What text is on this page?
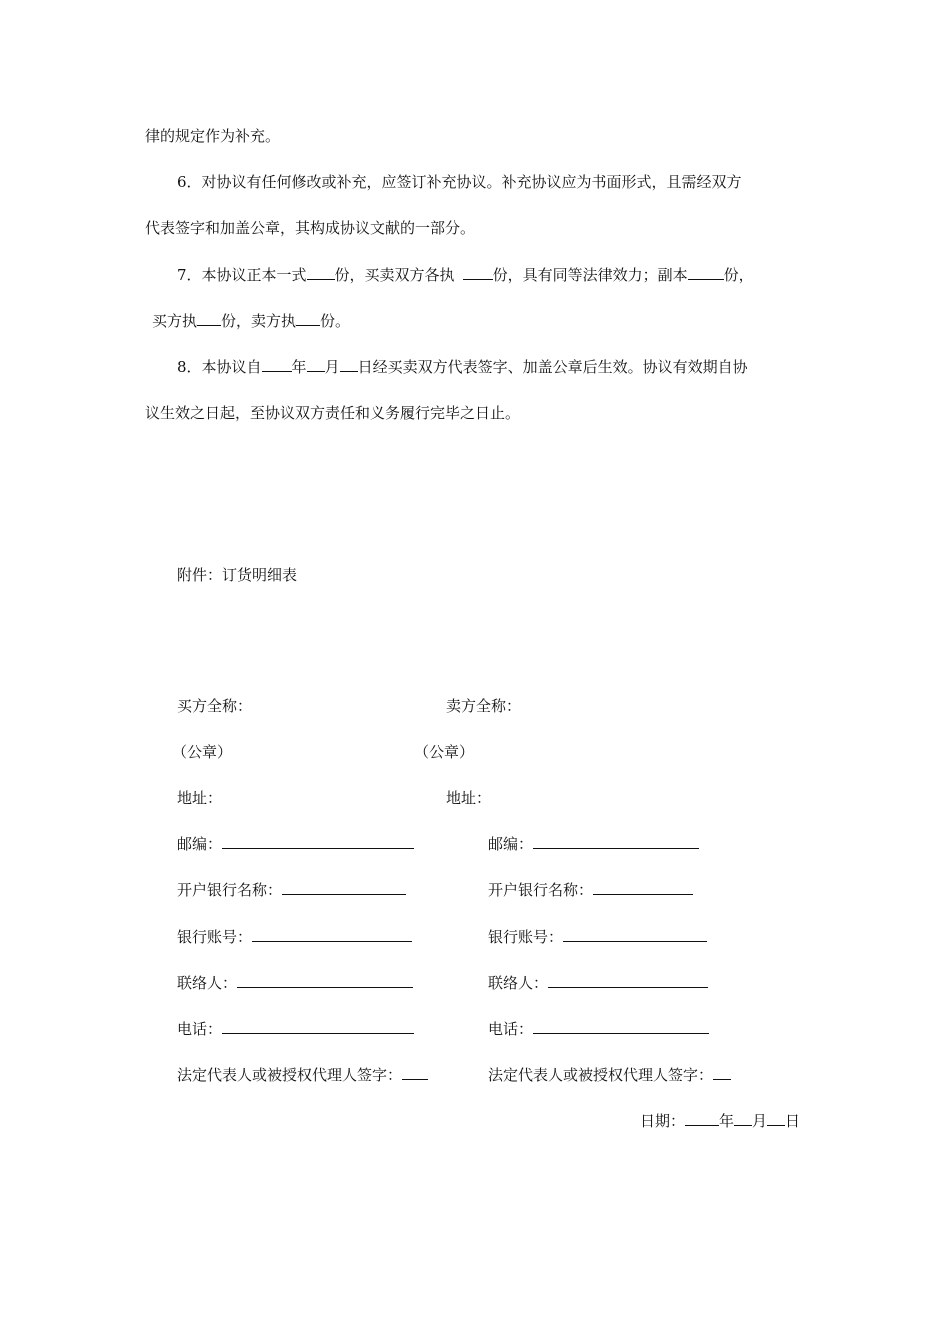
律的规定作为补充。
6．对协议有任何修改或补充，应签订补充协议。补充协议应为书面形式，且需经双方
代表签字和加盖公章，其构成协议文献的一部分。
7．本协议正本一式 份，买卖双方各执	份，具有同等法律效力；副本 份，
买方执 份，卖方执 份。
8．本协议自 年 月 日经买卖双方代表签字、加盖公章后生效。协议有效期自协
议生效之日起，至协议双方责任和义务履行完毕之日止。
附件：订货明细表
买方全称：
（公章）
地址：
邮编：
开户银行名称：
银行账号：
联络人：
电话：
法定代表人或被授权代理人签字：
卖方全称：
（公章）
地址：
邮编：
开户银行名称：
银行账号：
联络人：
电话：
法定代表人或被授权代理人签字：
日期： 年 月 日
